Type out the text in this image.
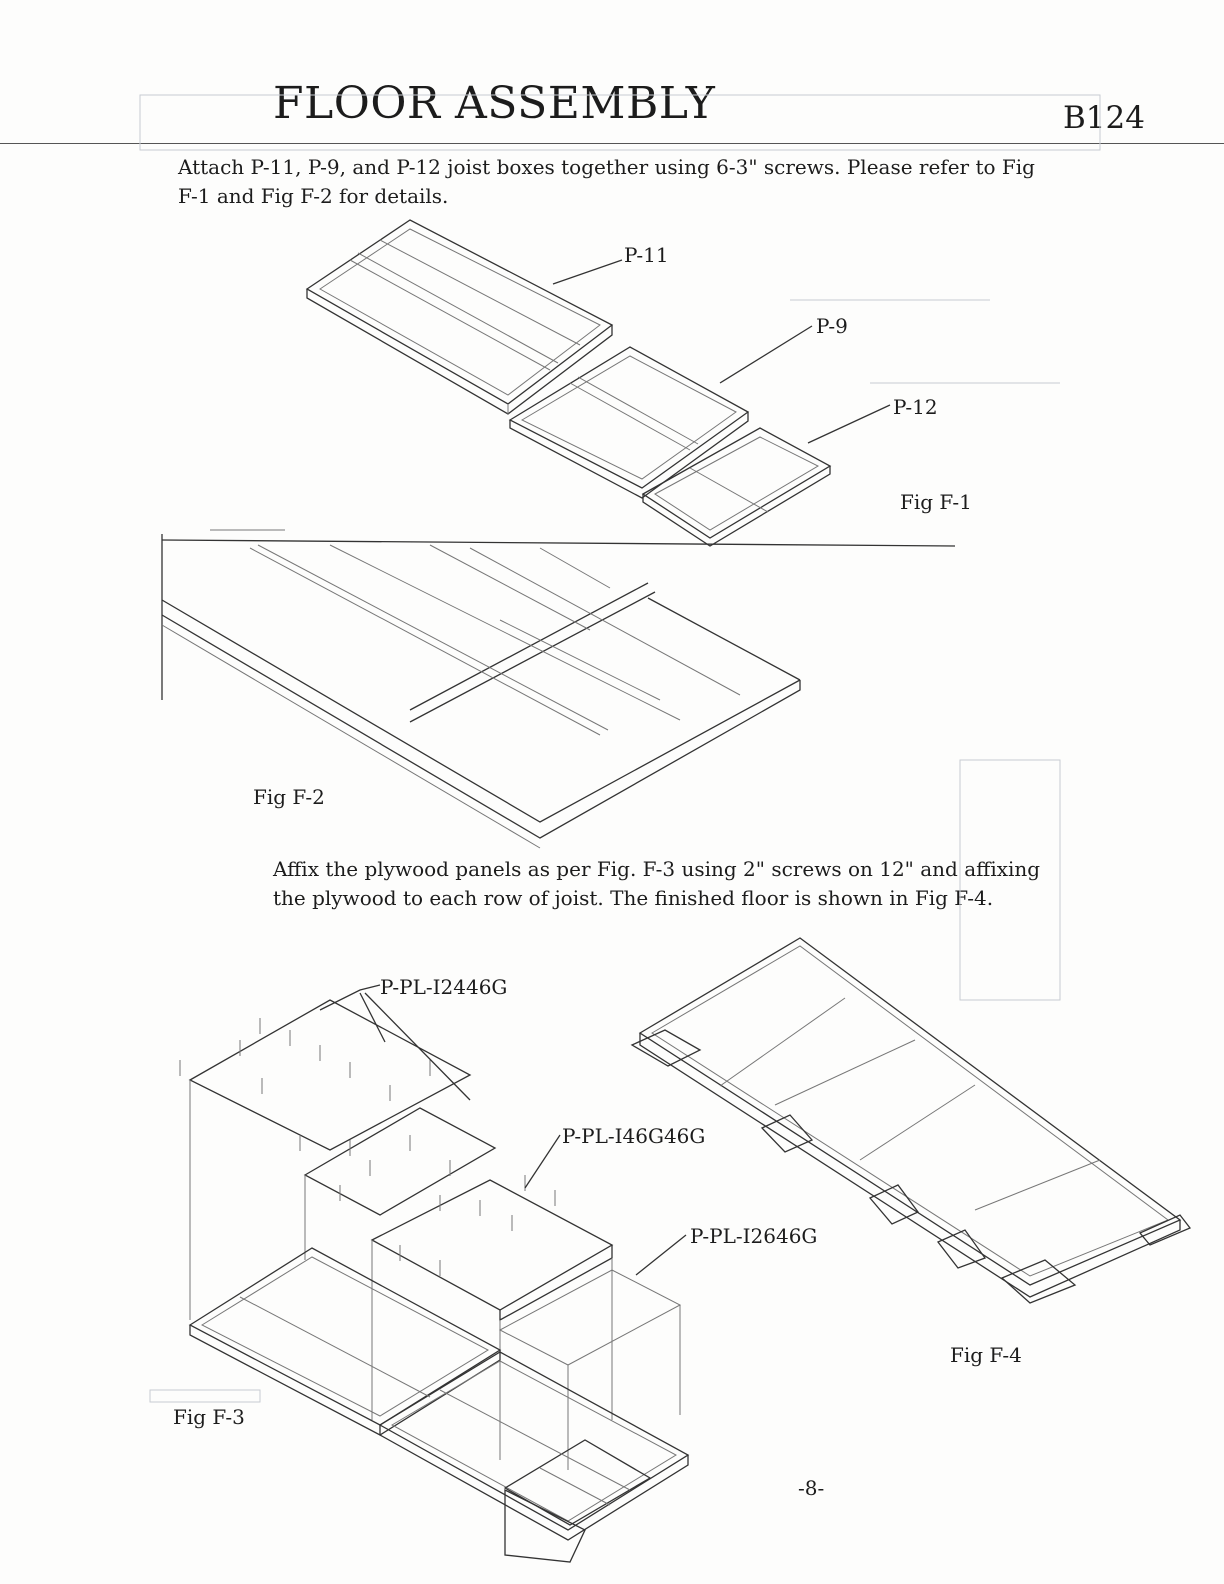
FLOOR ASSEMBLY	B124
Attach P-11, P-9, and P-12 joist boxes together using 6-3" screws. Please refer to Fig F-1 and Fig F-2 for details.
Affix the plywood panels as per Fig. F-3 using 2" screws on 12" and affixing the plywood to each row of joist. The finished floor is shown in Fig F-4.
P-11
P-9
P-12
Fig F-1
Fig F-2
P-PL-I2446G
P-PL-I46G46G
P-PL-I2646G
Fig F-3
Fig F-4
-8-
